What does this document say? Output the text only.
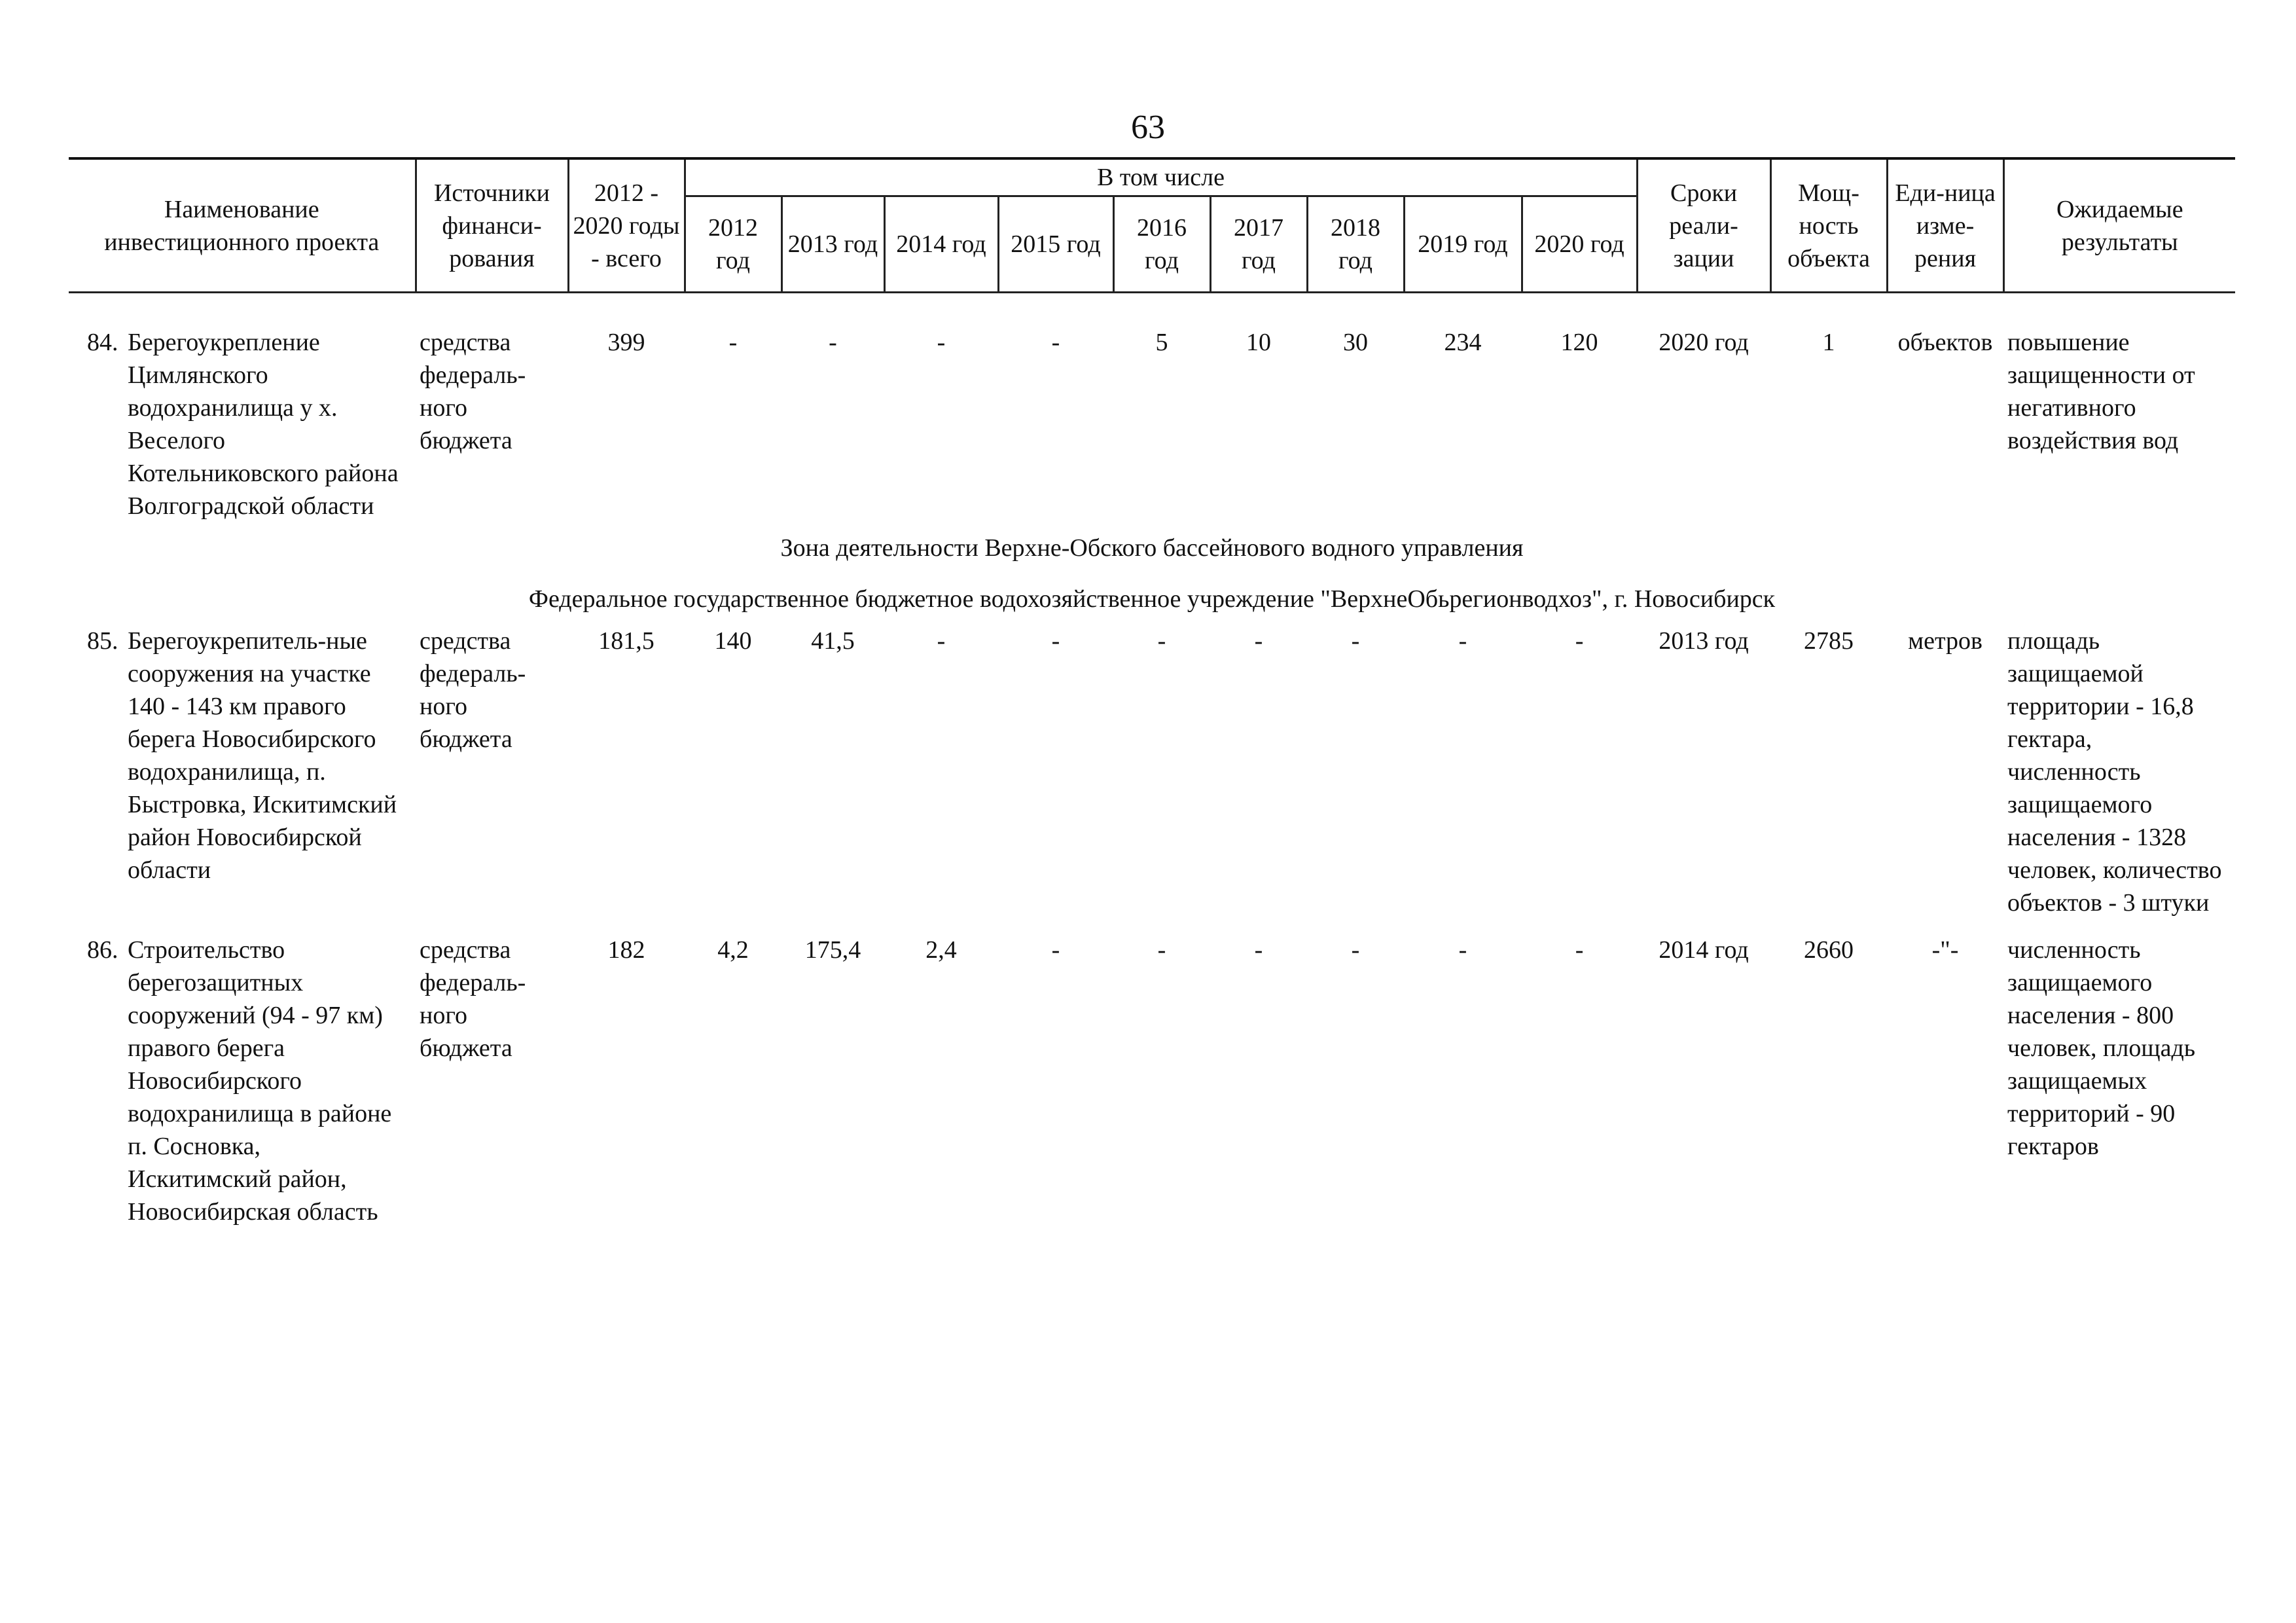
63
Наименование инвестиционного проекта	Источники финанси-рования	2012 - 2020 годы - всего	В том числе									Сроки реали-зации	Мощ-ность объекта	Еди-ница изме-рения	Ожидаемые результаты
			2012 год	2013 год	2014 год	2015 год	2016 год	2017 год	2018 год	2019 год	2020 год				

84. Берегоукрепление Цимлянского водохранилища у х. Веселого Котельниковского района Волгоградской области	средства федераль-ного бюджета	399	-	-	-	-	5	10	30	234	120	2020 год	1	объектов	повышение защищенности от негативного воздействия вод
Зона деятельности Верхне-Обского бассейнового водного управления															
Федеральное государственное бюджетное водохозяйственное учреждение "ВерхнеОбьрегионводхоз", г. Новосибирск															
85. Берегоукрепитель-ные сооружения на участке 140 - 143 км правого берега Новосибирского водохранилища, п. Быстровка, Искитимский район Новосибирской области	средства федераль-ного бюджета	181,5	140	41,5	-	-	-	-	-	-	-	2013 год	2785	метров	площадь защищаемой территории - 16,8 гектара, численность защищаемого населения - 1328 человек, количество объектов - 3 штуки

86. Строительство берегозащитных сооружений (94 - 97 км) правого берега Новосибирского водохранилища в районе п. Сосновка, Искитимский район, Новосибирская область	средства федераль-ного бюджета	182	4,2	175,4	2,4	-	-	-	-	-	-	2014 год	2660	-"-	численность защищаемого населения - 800 человек, площадь защищаемых территорий - 90 гектаров
